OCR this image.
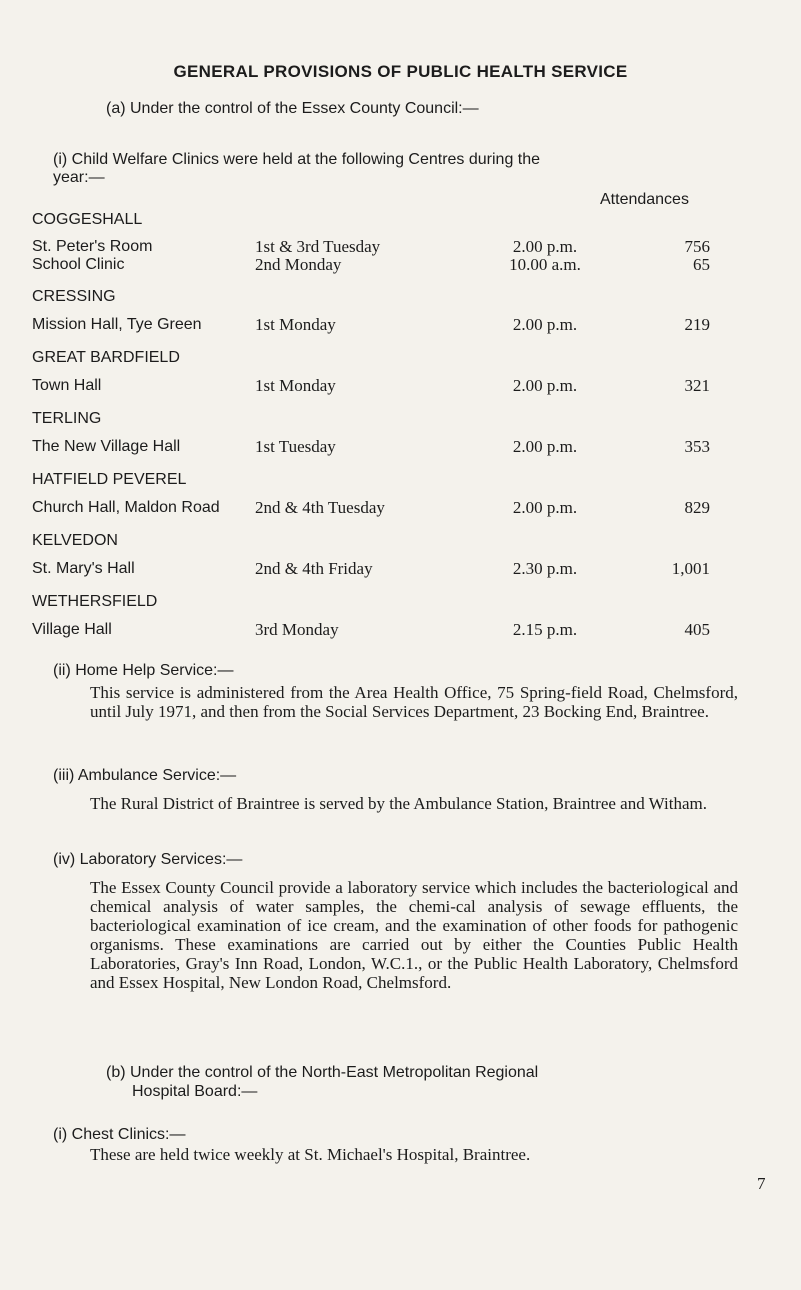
GENERAL PROVISIONS OF PUBLIC HEALTH SERVICE
(a) Under the control of the Essex County Council:—
(i) Child Welfare Clinics were held at the following Centres during the
year:—
Attendances
COGGESHALL
St. Peter's Room	1st & 3rd Tuesday	2.00 p.m.	756
School Clinic	2nd Monday	10.00 a.m.	65
CRESSING
Mission Hall, Tye Green	1st Monday	2.00 p.m.	219
GREAT BARDFIELD
Town Hall	1st Monday	2.00 p.m.	321
TERLING
The New Village Hall	1st Tuesday	2.00 p.m.	353
HATFIELD PEVEREL
Church Hall, Maldon Road 2nd & 4th Tuesday	2.00 p.m.	829
KELVEDON
St. Mary's Hall	2nd & 4th Friday	2.30 p.m.	1,001
WETHERSFIELD
Village Hall	3rd Monday	2.15 p.m.	405
(ii) Home Help Service:—
This service is administered from the Area Health Office, 75 Spring-field Road, Chelmsford, until July 1971, and then from the Social Services Department, 23 Bocking End, Braintree.
(iii) Ambulance Service:—
The Rural District of Braintree is served by the Ambulance Station, Braintree and Witham.
(iv) Laboratory Services:—
The Essex County Council provide a laboratory service which includes the bacteriological and chemical analysis of water samples, the chemi-cal analysis of sewage effluents, the bacteriological examination of ice cream, and the examination of other foods for pathogenic organisms. These examinations are carried out by either the Counties Public Health Laboratories, Gray's Inn Road, London, W.C.1., or the Public Health Laboratory, Chelmsford and Essex Hospital, New London Road, Chelmsford.
(b) Under the control of the North-East Metropolitan Regional
Hospital Board:—
(i) Chest Clinics:—
These are held twice weekly at St. Michael's Hospital, Braintree.
7
